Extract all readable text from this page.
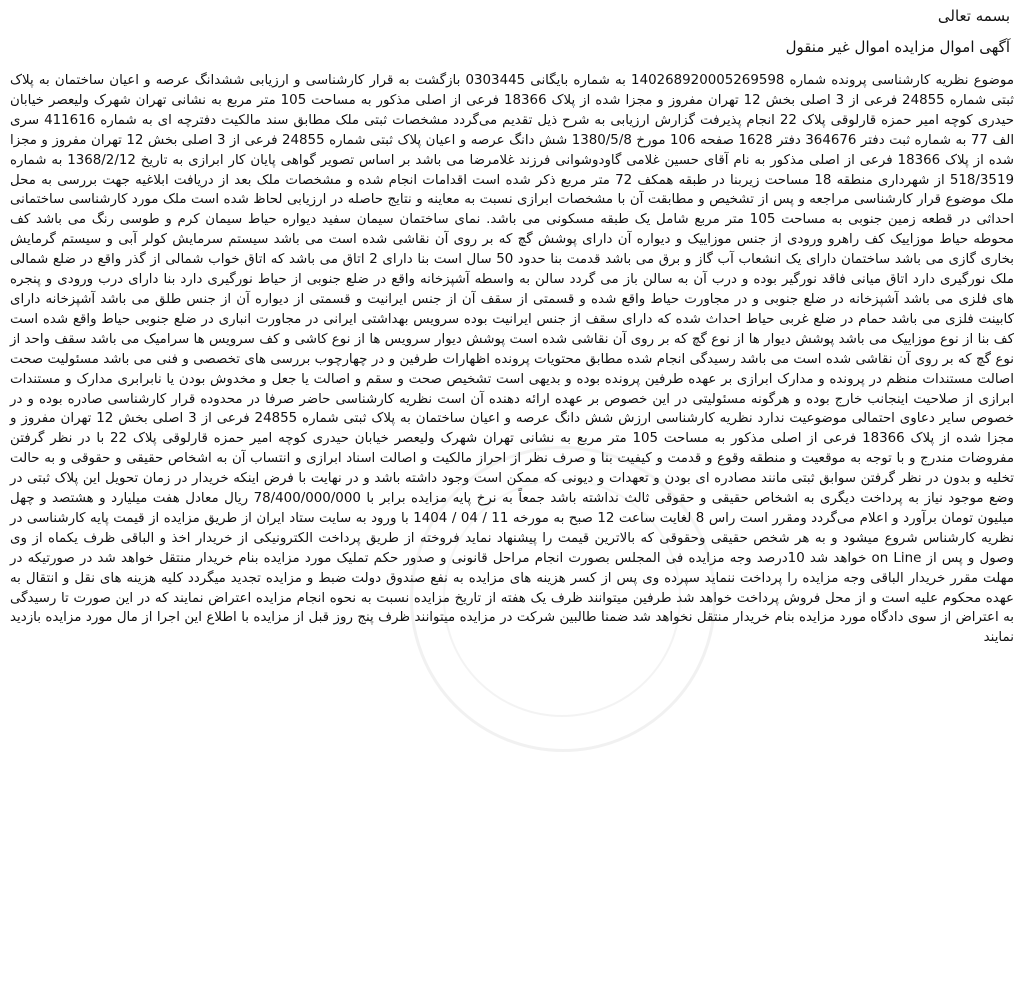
بسمه تعالی
آگهی اموال مزایده اموال غیر منقول

موضوع نظریه کارشناسی پرونده شماره 140268920005269598 به شماره بایگانی 0303445 بازگشت به قرار کارشناسی و ارزیابی ششدانگ عرصه و اعیان ساختمان به پلاک ثبتی شماره 24855 فرعی از 3 اصلی بخش 12 تهران مفروز و مجزا شده از پلاک 18366 فرعی از اصلی مذکور به مساحت 105 متر مربع به نشانی تهران شهرک ولیعصر خیابان حیدری کوچه امیر حمزه قارلوقی پلاک 22 انجام پذیرفت گزارش ارزیابی به شرح ذیل تقدیم می‌گردد مشخصات ثبتی ملک مطابق سند مالکیت دفترچه ای به شماره 411616 سری الف 77 به شماره ثبت دفتر 364676 دفتر 1628 صفحه 106 مورخ 1380/5/8 شش دانگ عرصه و اعیان پلاک ثبتی شماره 24855 فرعی از 3 اصلی بخش 12 تهران مفروز و مجزا شده از پلاک 18366 فرعی از اصلی مذکور به نام آقای حسین غلامی گاودوشوانی فرزند غلامرضا می باشد بر اساس تصویر گواهی پایان کار ابرازی به تاریخ 1368/2/12 به شماره 518/3519 از شهرداری منطقه 18 مساحت زیربنا در طبقه همکف 72 متر مربع ذکر شده است اقدامات انجام شده و مشخصات ملک بعد از دریافت ابلاغیه جهت بررسی به محل ملک موضوع قرار کارشناسی مراجعه و پس از تشخیص و مطابقت آن با مشخصات ابرازی نسبت به معاینه و نتایج حاصله در ارزیابی لحاظ شده است ملک مورد کارشناسی ساختمانی احداثی در قطعه زمین جنوبی به مساحت 105 متر مربع شامل یک طبقه مسکونی می باشد. نمای ساختمان سیمان سفید دیواره حیاط سیمان کرم و طوسی رنگ می باشد کف محوطه حیاط موزاییک کف راهرو ورودی از جنس موزاییک و دیواره آن دارای پوشش گچ که بر روی آن نقاشی شده است می باشد سیستم سرمایش کولر آبی و سیستم گرمایش بخاری گازی می باشد ساختمان دارای یک انشعاب آب گاز و برق می باشد قدمت بنا حدود 50 سال است بنا دارای 2 اتاق می باشد که اتاق خواب شمالی از گذر واقع در ضلع شمالی ملک نورگیری دارد اتاق میانی فاقد نورگیر بوده و درب آن به سالن باز می گردد سالن به واسطه آشپزخانه واقع در ضلع جنوبی از حیاط نورگیری دارد بنا دارای درب ورودی و پنجره های فلزی می باشد آشپزخانه در ضلع جنوبی و در مجاورت حیاط واقع شده و قسمتی از سقف آن از جنس ایرانیت و قسمتی از دیواره آن از جنس طلق می باشد آشپزخانه دارای کابینت فلزی می باشد حمام در ضلع غربی حیاط احداث شده که دارای سقف از جنس ایرانیت بوده سرویس بهداشتی ایرانی در مجاورت انباری در ضلع جنوبی حیاط واقع شده است کف بنا از نوع موزاییک می باشد پوشش دیوار ها از نوع گچ که بر روی آن نقاشی شده است پوشش دیوار سرویس ها از نوع کاشی و کف سرویس ها سرامیک می باشد سقف واحد از نوع گچ که بر روی آن نقاشی شده است می باشد رسیدگی انجام شده مطابق محتویات پرونده اظهارات طرفین و در چهارچوب بررسی های تخصصی و فنی می باشد مسئولیت صحت اصالت مستندات منظم در پرونده و مدارک ابرازی بر عهده طرفین پرونده بوده و بدیهی است تشخیص صحت و سقم و اصالت یا جعل و مخدوش بودن یا نابرابری مدارک و مستندات ابرازی از صلاحیت اینجانب خارج بوده و هرگونه مسئولیتی در این خصوص بر عهده ارائه دهنده آن است نظریه کارشناسی حاضر صرفا در محدوده قرار کارشناسی صادره بوده و در خصوص سایر دعاوی احتمالی موضوعیت ندارد نظریه کارشناسی ارزش شش دانگ عرصه و اعیان ساختمان به پلاک ثبتی شماره 24855 فرعی از 3 اصلی بخش 12 تهران مفروز و مجزا شده از پلاک 18366 فرعی از اصلی مذکور به مساحت 105 متر مربع به نشانی تهران شهرک ولیعصر خیابان حیدری کوچه امیر حمزه قارلوقی پلاک 22 با در نظر گرفتن مفروضات مندرج و با توجه به موقعیت و منطقه وقوع و قدمت و کیفیت بنا و صرف نظر از احراز مالکیت و اصالت اسناد ابرازی و انتساب آن به اشخاص حقیقی و حقوقی و به حالت تخلیه و بدون در نظر گرفتن سوابق ثبتی مانند مصادره ای بودن و تعهدات و دیونی که ممکن است وجود داشته باشد و در نهایت با فرض اینکه خریدار در زمان تحویل این پلاک ثبتی در وضع موجود نیاز به پرداخت دیگری به اشخاص حقیقی و حقوقی ثالث نداشته باشد جمعاً به نرخ پایه مزایده برابر با 78/400/000/000 ریال معادل هفت میلیارد و هشتصد و چهل میلیون تومان برآورد و اعلام می‌گردد ومقرر است راس 8 لغایت ساعت 12 صبح به مورخه 11 / 04 / 1404 با ورود به سایت ستاد ایران از طریق مزایده از قیمت پایه کارشناسی در نظریه کارشناس شروع میشود و به هر شخص حقیقی وحقوقی که بالاترین قیمت را پیشنهاد نماید فروخته از طریق پرداخت الکترونیکی از خریدار اخذ و الباقی ظرف یکماه از وی وصول و پس از on Line خواهد شد 10درصد وجه مزایده فی المجلس بصورت انجام مراحل قانونی و صدور حکم تملیک مورد مزایده بنام خریدار منتقل خواهد شد در صورتیکه در مهلت مقرر خریدار الباقی وجه مزایده را پرداخت ننماید سپرده وی پس از کسر هزینه های مزایده به نفع صندوق دولت ضبط و مزایده تجدید میگردد کلیه هزینه های نقل و انتقال به عهده محکوم علیه است و از محل فروش پرداخت خواهد شد طرفین میتوانند ظرف یک هفته از تاریخ مزایده نسبت به نحوه انجام مزایده اعتراض نمایند که در این صورت تا رسیدگی به اعتراض از سوی دادگاه مورد مزایده بنام خریدار منتقل نخواهد شد ضمنا طالبین شرکت در مزایده میتوانند ظرف پنج روز قبل از مزایده با اطلاع این اجرا از مال مورد مزایده بازدید نمایند
